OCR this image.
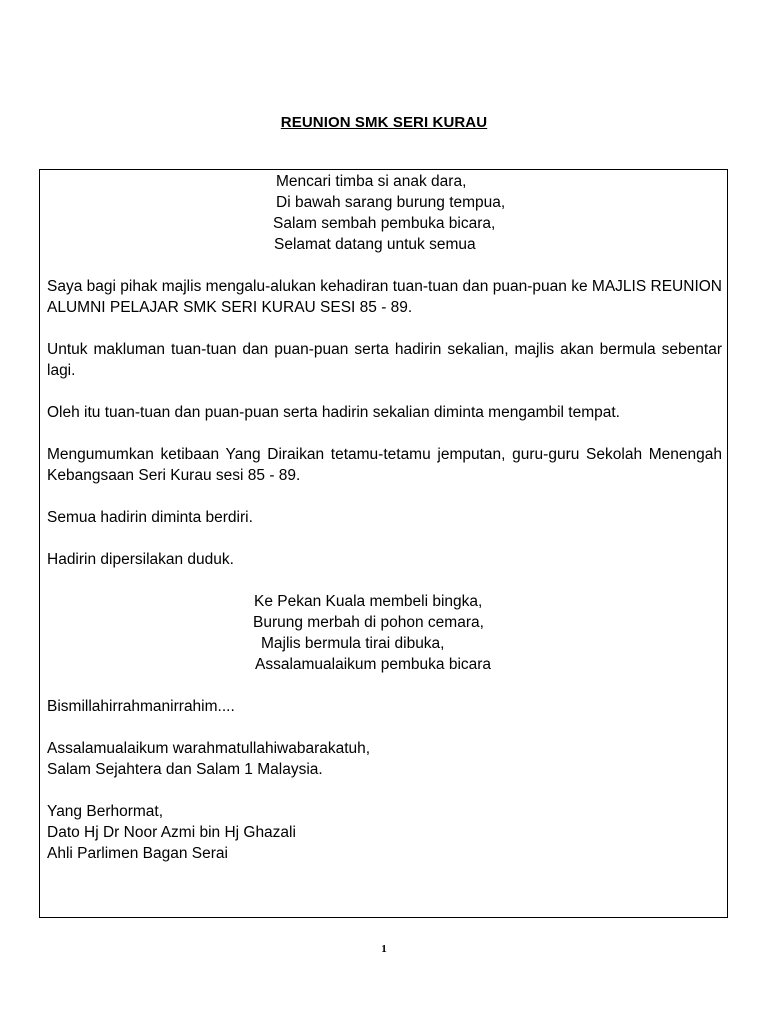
REUNION SMK SERI KURAU
Mencari timba si anak dara,
Di bawah sarang burung tempua,
Salam sembah pembuka bicara,
Selamat datang untuk semua

Saya bagi pihak majlis mengalu-alukan kehadiran tuan-tuan dan puan-puan ke MAJLIS REUNION ALUMNI PELAJAR SMK SERI KURAU SESI 85 - 89.

Untuk makluman tuan-tuan dan puan-puan serta hadirin sekalian, majlis akan bermula sebentar lagi.

Oleh itu tuan-tuan dan puan-puan serta hadirin sekalian diminta mengambil tempat.

Mengumumkan ketibaan Yang Diraikan tetamu-tetamu jemputan, guru-guru Sekolah Menengah Kebangsaan Seri Kurau sesi 85 - 89.

Semua hadirin diminta berdiri.

Hadirin dipersilakan duduk.

Ke Pekan Kuala membeli bingka,
Burung merbah di pohon cemara,
Majlis bermula tirai dibuka,
Assalamualaikum pembuka bicara

Bismillahirrahmanirrahim....

Assalamualaikum warahmatullahiwabarakatuh,

Salam Sejahtera dan Salam 1 Malaysia.

Yang Berhormat,

Dato Hj Dr Noor Azmi bin Hj Ghazali

Ahli Parlimen Bagan Serai

1
